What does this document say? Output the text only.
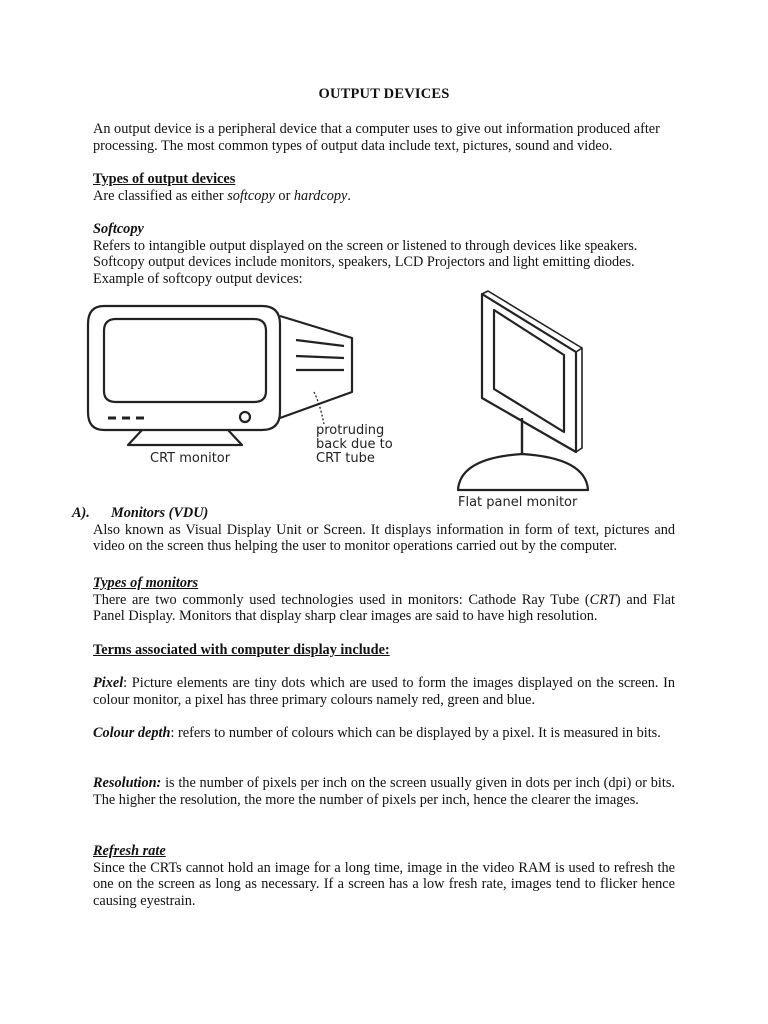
OUTPUT DEVICES

An output device is a peripheral device that a computer uses to give out information produced after processing. The most common types of output data include text, pictures, sound and video.

Types of output devices

Are classified as either softcopy or hardcopy.

Softcopy

Refers to intangible output displayed on the screen or listened to through devices like speakers.

Softcopy output devices include monitors, speakers, LCD Projectors and light emitting diodes.

Example of softcopy output devices:

CRT monitor
protruding
back due to
CRT tube
Flat panel monitor
A).	Monitors (VDU)

Also known as Visual Display Unit or Screen. It displays information in form of text, pictures and video on the screen thus helping the user to monitor operations carried out by the computer.

Types of monitors

There are two commonly used technologies used in monitors: Cathode Ray Tube (CRT) and Flat Panel Display. Monitors that display sharp clear images are said to have high resolution.

Terms associated with computer display include:

Pixel: Picture elements are tiny dots which are used to form the images displayed on the screen. In colour monitor, a pixel has three primary colours namely red, green and blue.

Colour depth: refers to number of colours which can be displayed by a pixel. It is measured in bits.

Resolution: is the number of pixels per inch on the screen usually given in dots per inch (dpi) or bits. The higher the resolution, the more the number of pixels per inch, hence the clearer the images.

Refresh rate

Since the CRTs cannot hold an image for a long time, image in the video RAM is used to refresh the one on the screen as long as necessary. If a screen has a low fresh rate, images tend to flicker hence causing eyestrain.
